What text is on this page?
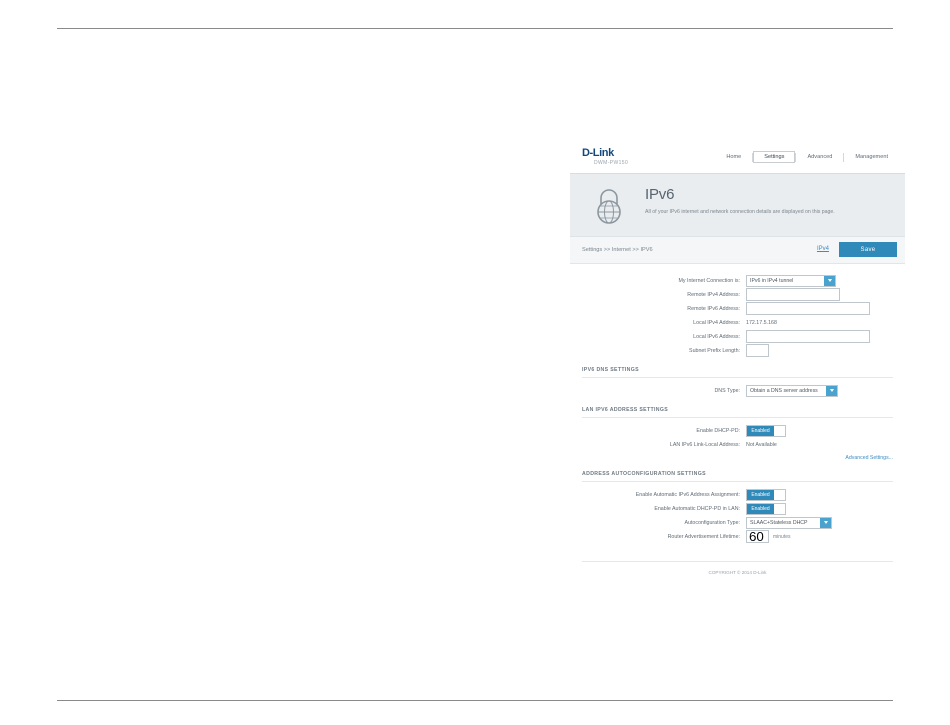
D-Link
DWM-PW150
Home	Settings	Advanced	Management
IPv6
All of your IPv6 internet and network connection details are displayed on this page.
Settings >> Internet >> IPV6	IPv4	Save
My Internet Connection is:	IPv6 in IPv4 tunnel
Remote IPv4 Address:
Remote IPv6 Address:
Local IPv4 Address:	172.17.5.168
Local IPv6 Address:
Subnet Prefix Length:
IPV6 DNS SETTINGS
DNS Type:	Obtain a DNS server address
LAN IPV6 ADDRESS SETTINGS
Enable DHCP-PD:	Enabled
LAN IPv6 Link-Local Address:	Not Available
Advanced Settings...
ADDRESS AUTOCONFIGURATION SETTINGS
Enable Automatic IPv6 Address Assignment:	Enabled
Enable Automatic DHCP-PD in LAN:	Enabled
Autoconfiguration Type:	SLAAC+Stateless DHCP
Router Advertisement Lifetime:
60	minutes
COPYRIGHT © 2014 D-Link
